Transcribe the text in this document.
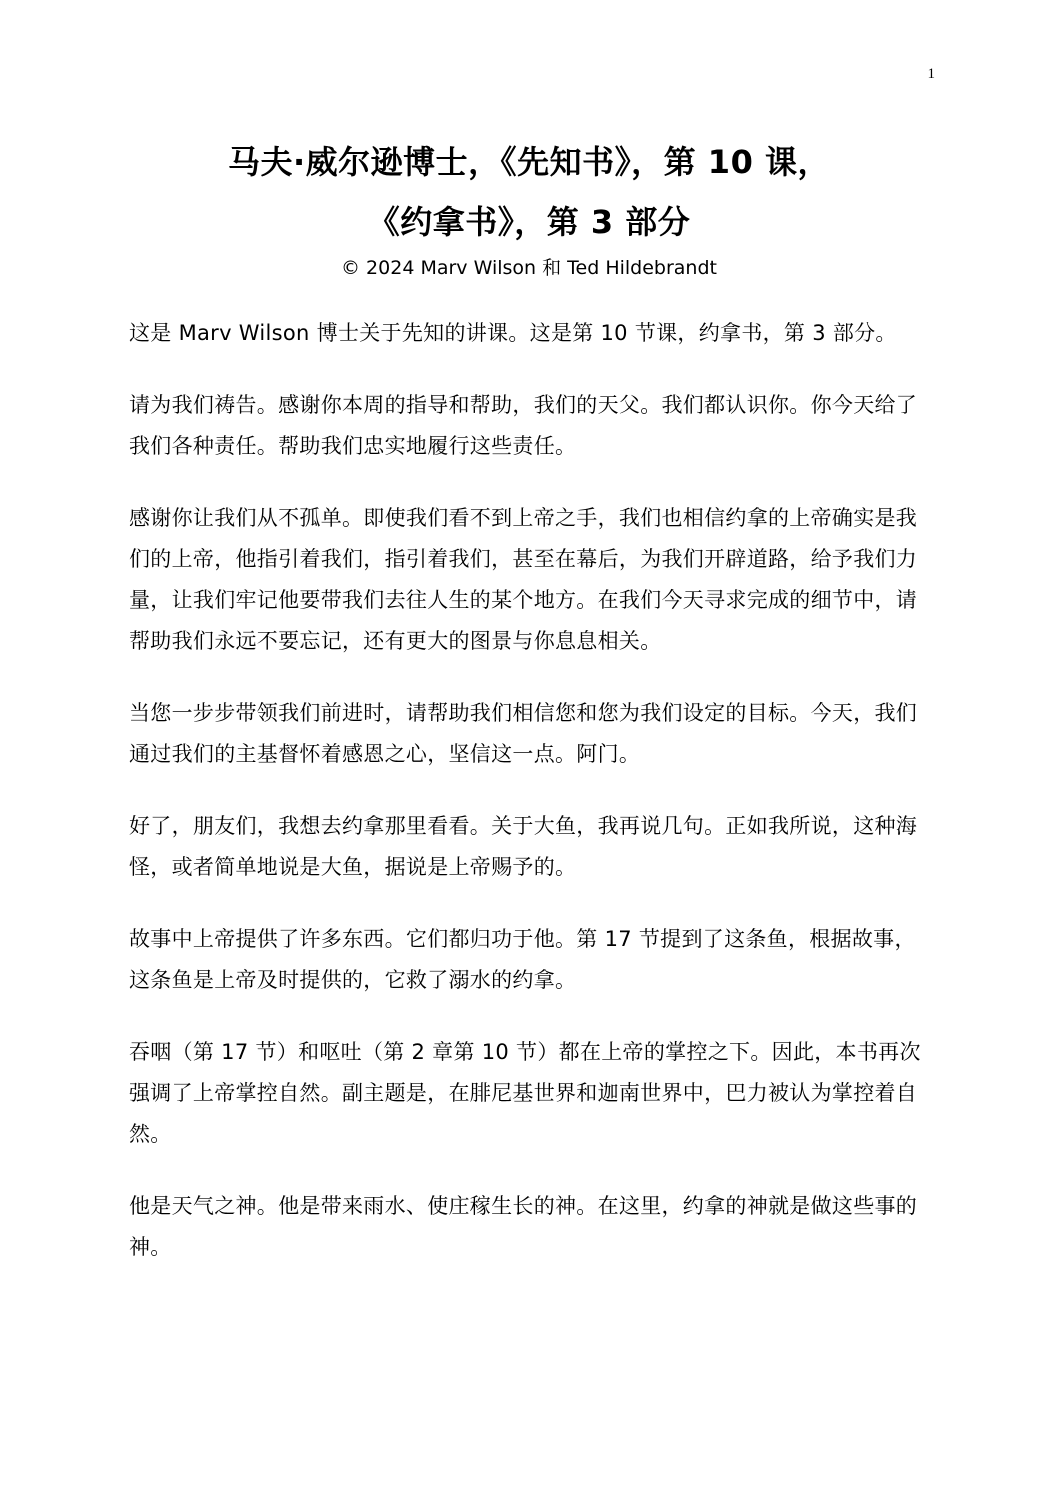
1
马夫·威尔逊博士，《先知书》，第 10 课，
《约拿书》，第 3 部分
© 2024 Marv Wilson 和 Ted Hildebrandt

这是 Marv Wilson 博士关于先知的讲课。这是第 10 节课，约拿书，第 3 部分。

请为我们祷告。感谢你本周的指导和帮助，我们的天父。我们都认识你。你今天给了我们各种责任。帮助我们忠实地履行这些责任。

感谢你让我们从不孤单。即使我们看不到上帝之手，我们也相信约拿的上帝确实是我们的上帝，他指引着我们，指引着我们，甚至在幕后，为我们开辟道路，给予我们力量，让我们牢记他要带我们去往人生的某个地方。在我们今天寻求完成的细节中，请帮助我们永远不要忘记，还有更大的图景与你息息相关。

当您一步步带领我们前进时，请帮助我们相信您和您为我们设定的目标。今天，我们通过我们的主基督怀着感恩之心，坚信这一点。阿门。

好了，朋友们，我想去约拿那里看看。关于大鱼，我再说几句。正如我所说，这种海怪，或者简单地说是大鱼，据说是上帝赐予的。

故事中上帝提供了许多东西。它们都归功于他。第 17 节提到了这条鱼，根据故事，这条鱼是上帝及时提供的，它救了溺水的约拿。

吞咽（第 17 节）和呕吐（第 2 章第 10 节）都在上帝的掌控之下。因此，本书再次强调了上帝掌控自然。副主题是，在腓尼基世界和迦南世界中，巴力被认为掌控着自然。

他是天气之神。他是带来雨水、使庄稼生长的神。在这里，约拿的神就是做这些事的神。
